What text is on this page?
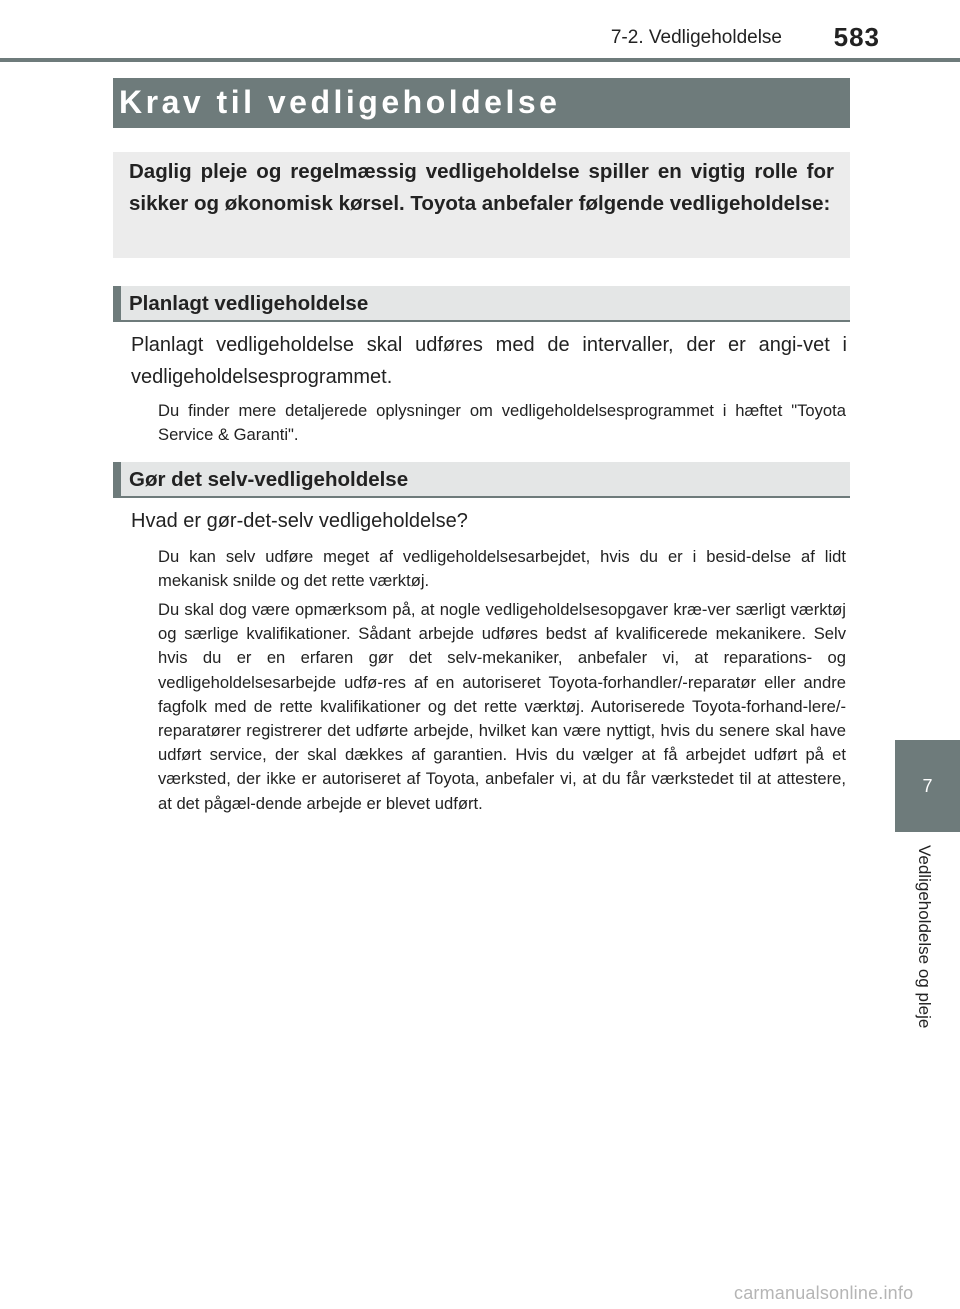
7-2. Vedligeholdelse 583
Krav til vedligeholdelse
Daglig pleje og regelmæssig vedligeholdelse spiller en vigtig rolle for sikker og økonomisk kørsel. Toyota anbefaler følgende vedligeholdelse:
Planlagt vedligeholdelse
Planlagt vedligeholdelse skal udføres med de intervaller, der er angi-vet i vedligeholdelsesprogrammet.
Du finder mere detaljerede oplysninger om vedligeholdelsesprogrammet i hæftet "Toyota Service & Garanti".
Gør det selv-vedligeholdelse
Hvad er gør-det-selv vedligeholdelse?
Du kan selv udføre meget af vedligeholdelsesarbejdet, hvis du er i besid-delse af lidt mekanisk snilde og det rette værktøj.
Du skal dog være opmærksom på, at nogle vedligeholdelsesopgaver kræ-ver særligt værktøj og særlige kvalifikationer. Sådant arbejde udføres bedst af kvalificerede mekanikere. Selv hvis du er en erfaren gør det selv-mekaniker, anbefaler vi, at reparations- og vedligeholdelsesarbejde udfø-res af en autoriseret Toyota-forhandler/-reparatør eller andre fagfolk med de rette kvalifikationer og det rette værktøj. Autoriserede Toyota-forhand-lere/-reparatører registrerer det udførte arbejde, hvilket kan være nyttigt, hvis du senere skal have udført service, der skal dækkes af garantien. Hvis du vælger at få arbejdet udført på et værksted, der ikke er autoriseret af Toyota, anbefaler vi, at du får værkstedet til at attestere, at det pågæl-dende arbejde er blevet udført.
7
Vedligeholdelse og pleje
carmanualsonline.info
